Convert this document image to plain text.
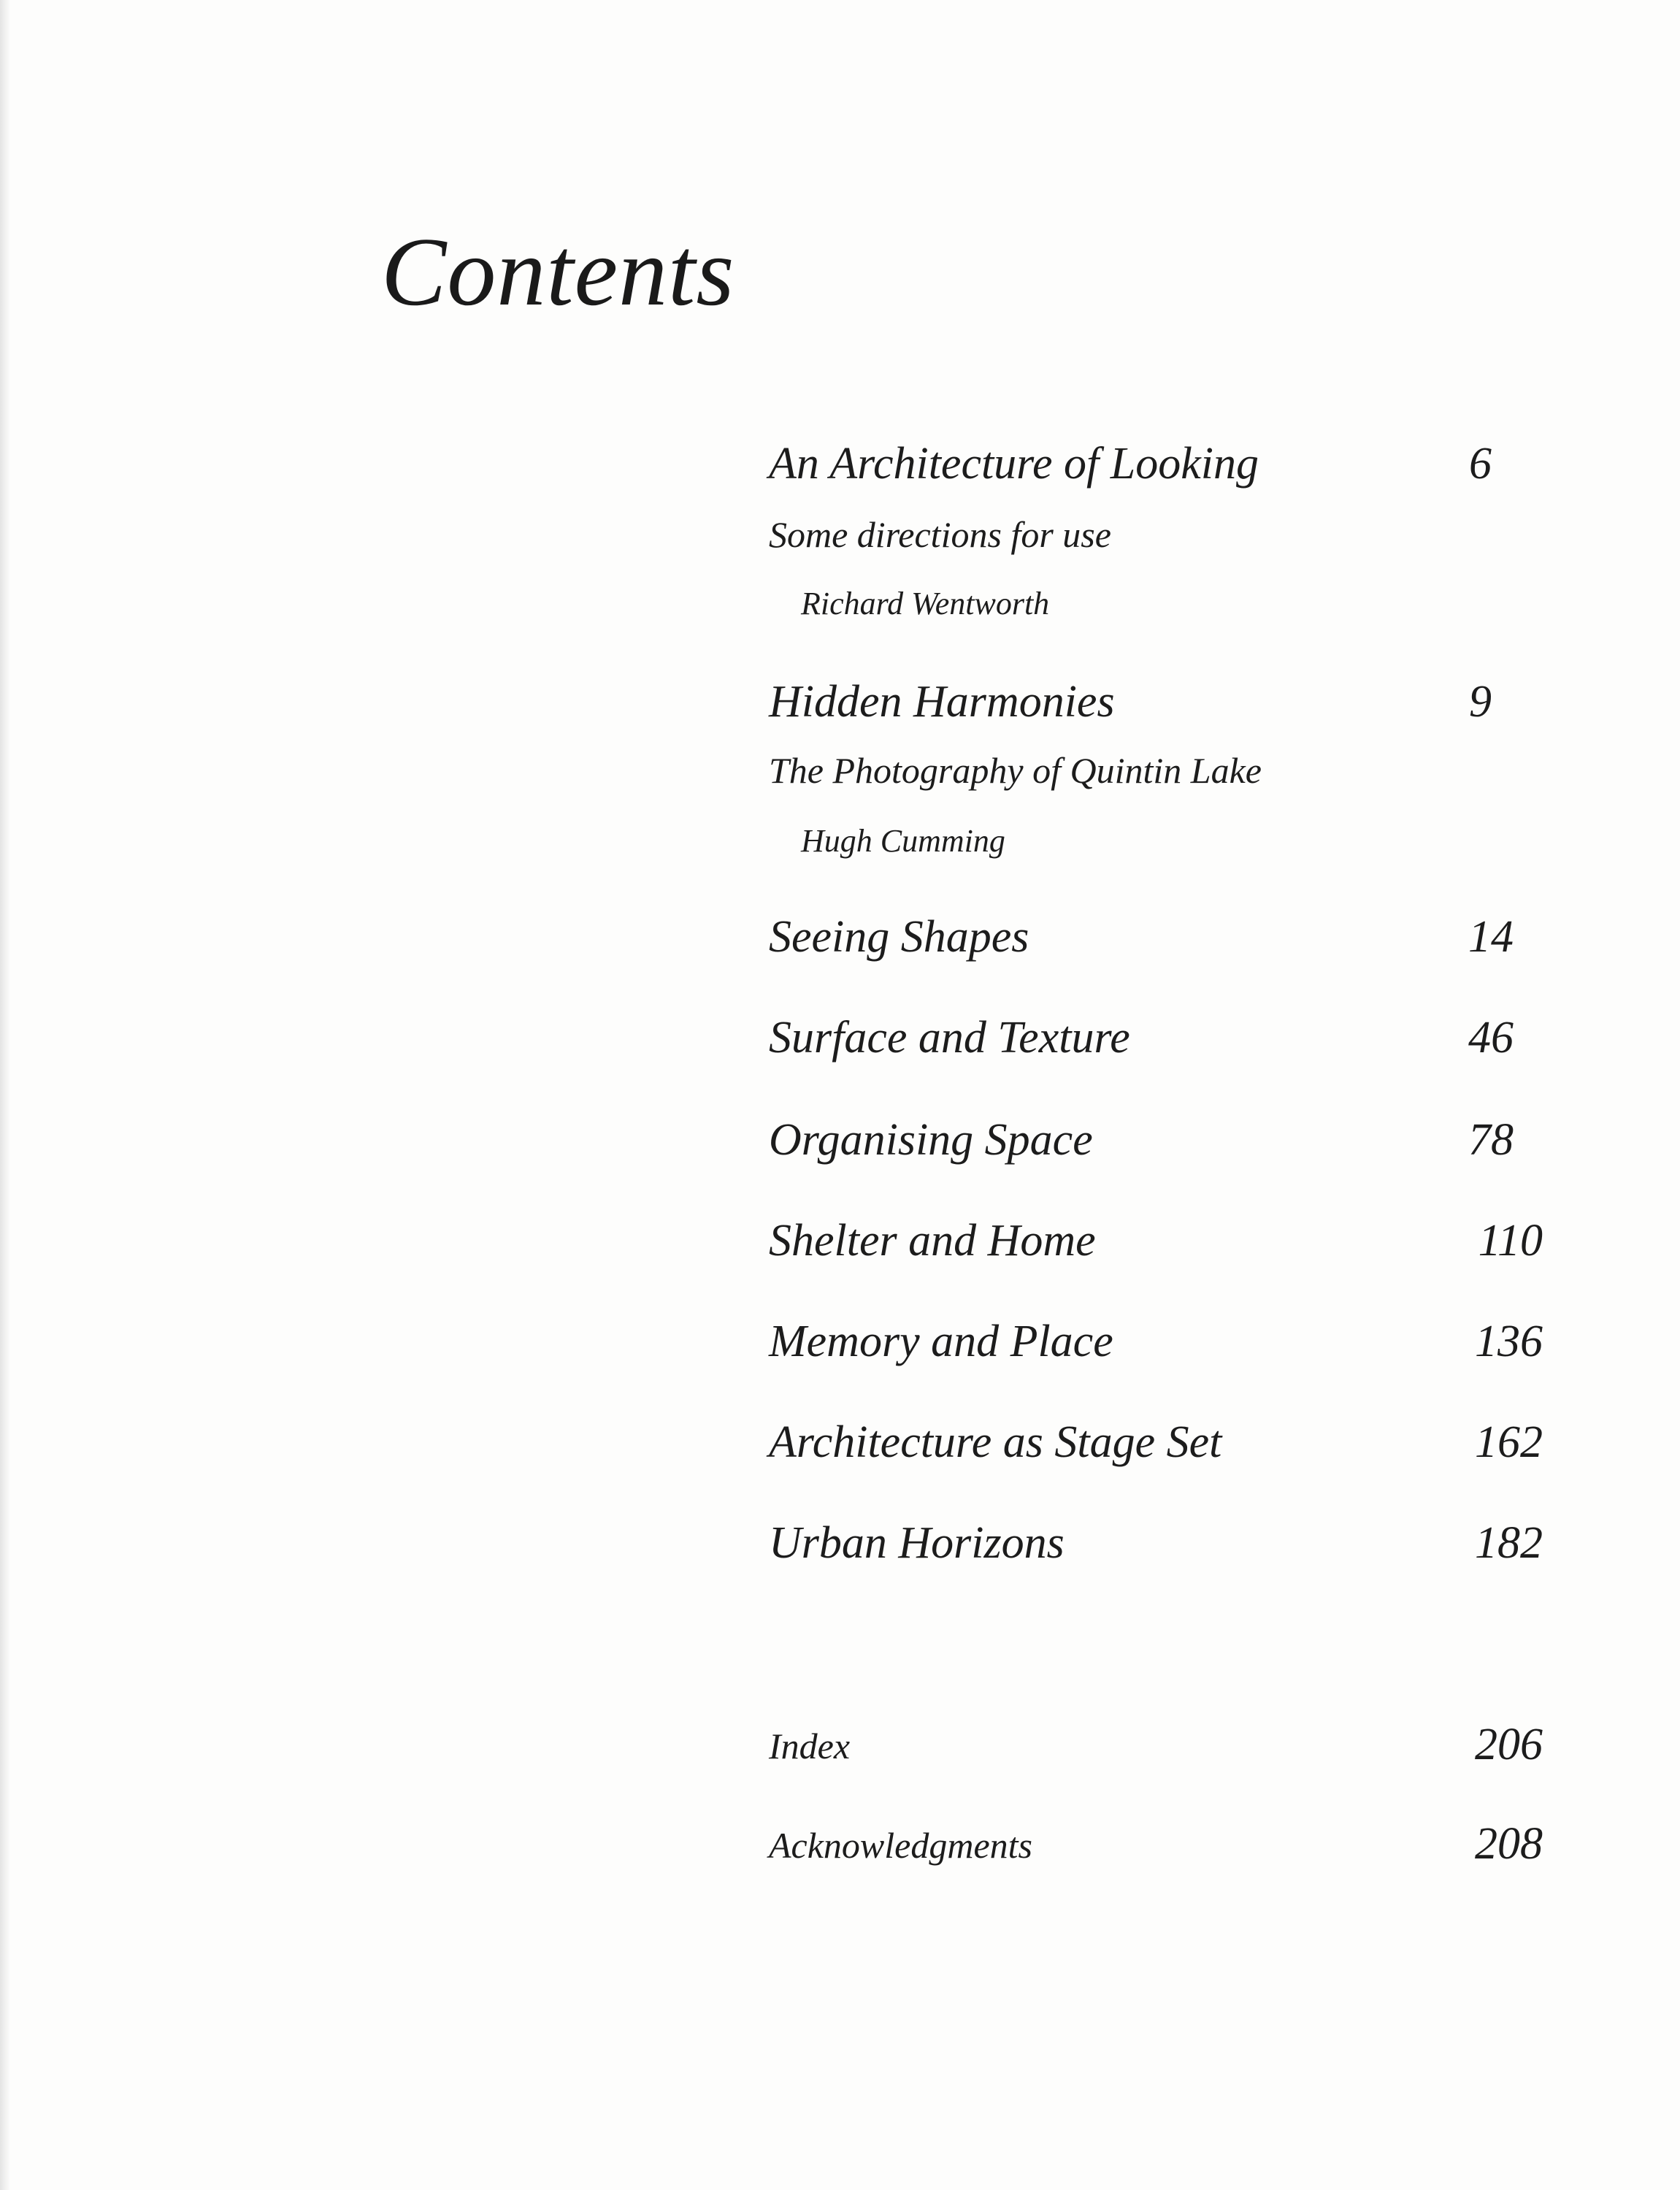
Contents
An Architecture of Looking	6
Some directions for use
Richard Wentworth
Hidden Harmonies	9
The Photography of Quintin Lake
Hugh Cumming
Seeing Shapes	14
Surface and Texture	46
Organising Space	78
Shelter and Home	110
Memory and Place	136
Architecture as Stage Set	162
Urban Horizons	182
Index	206
Acknowledgments	208
